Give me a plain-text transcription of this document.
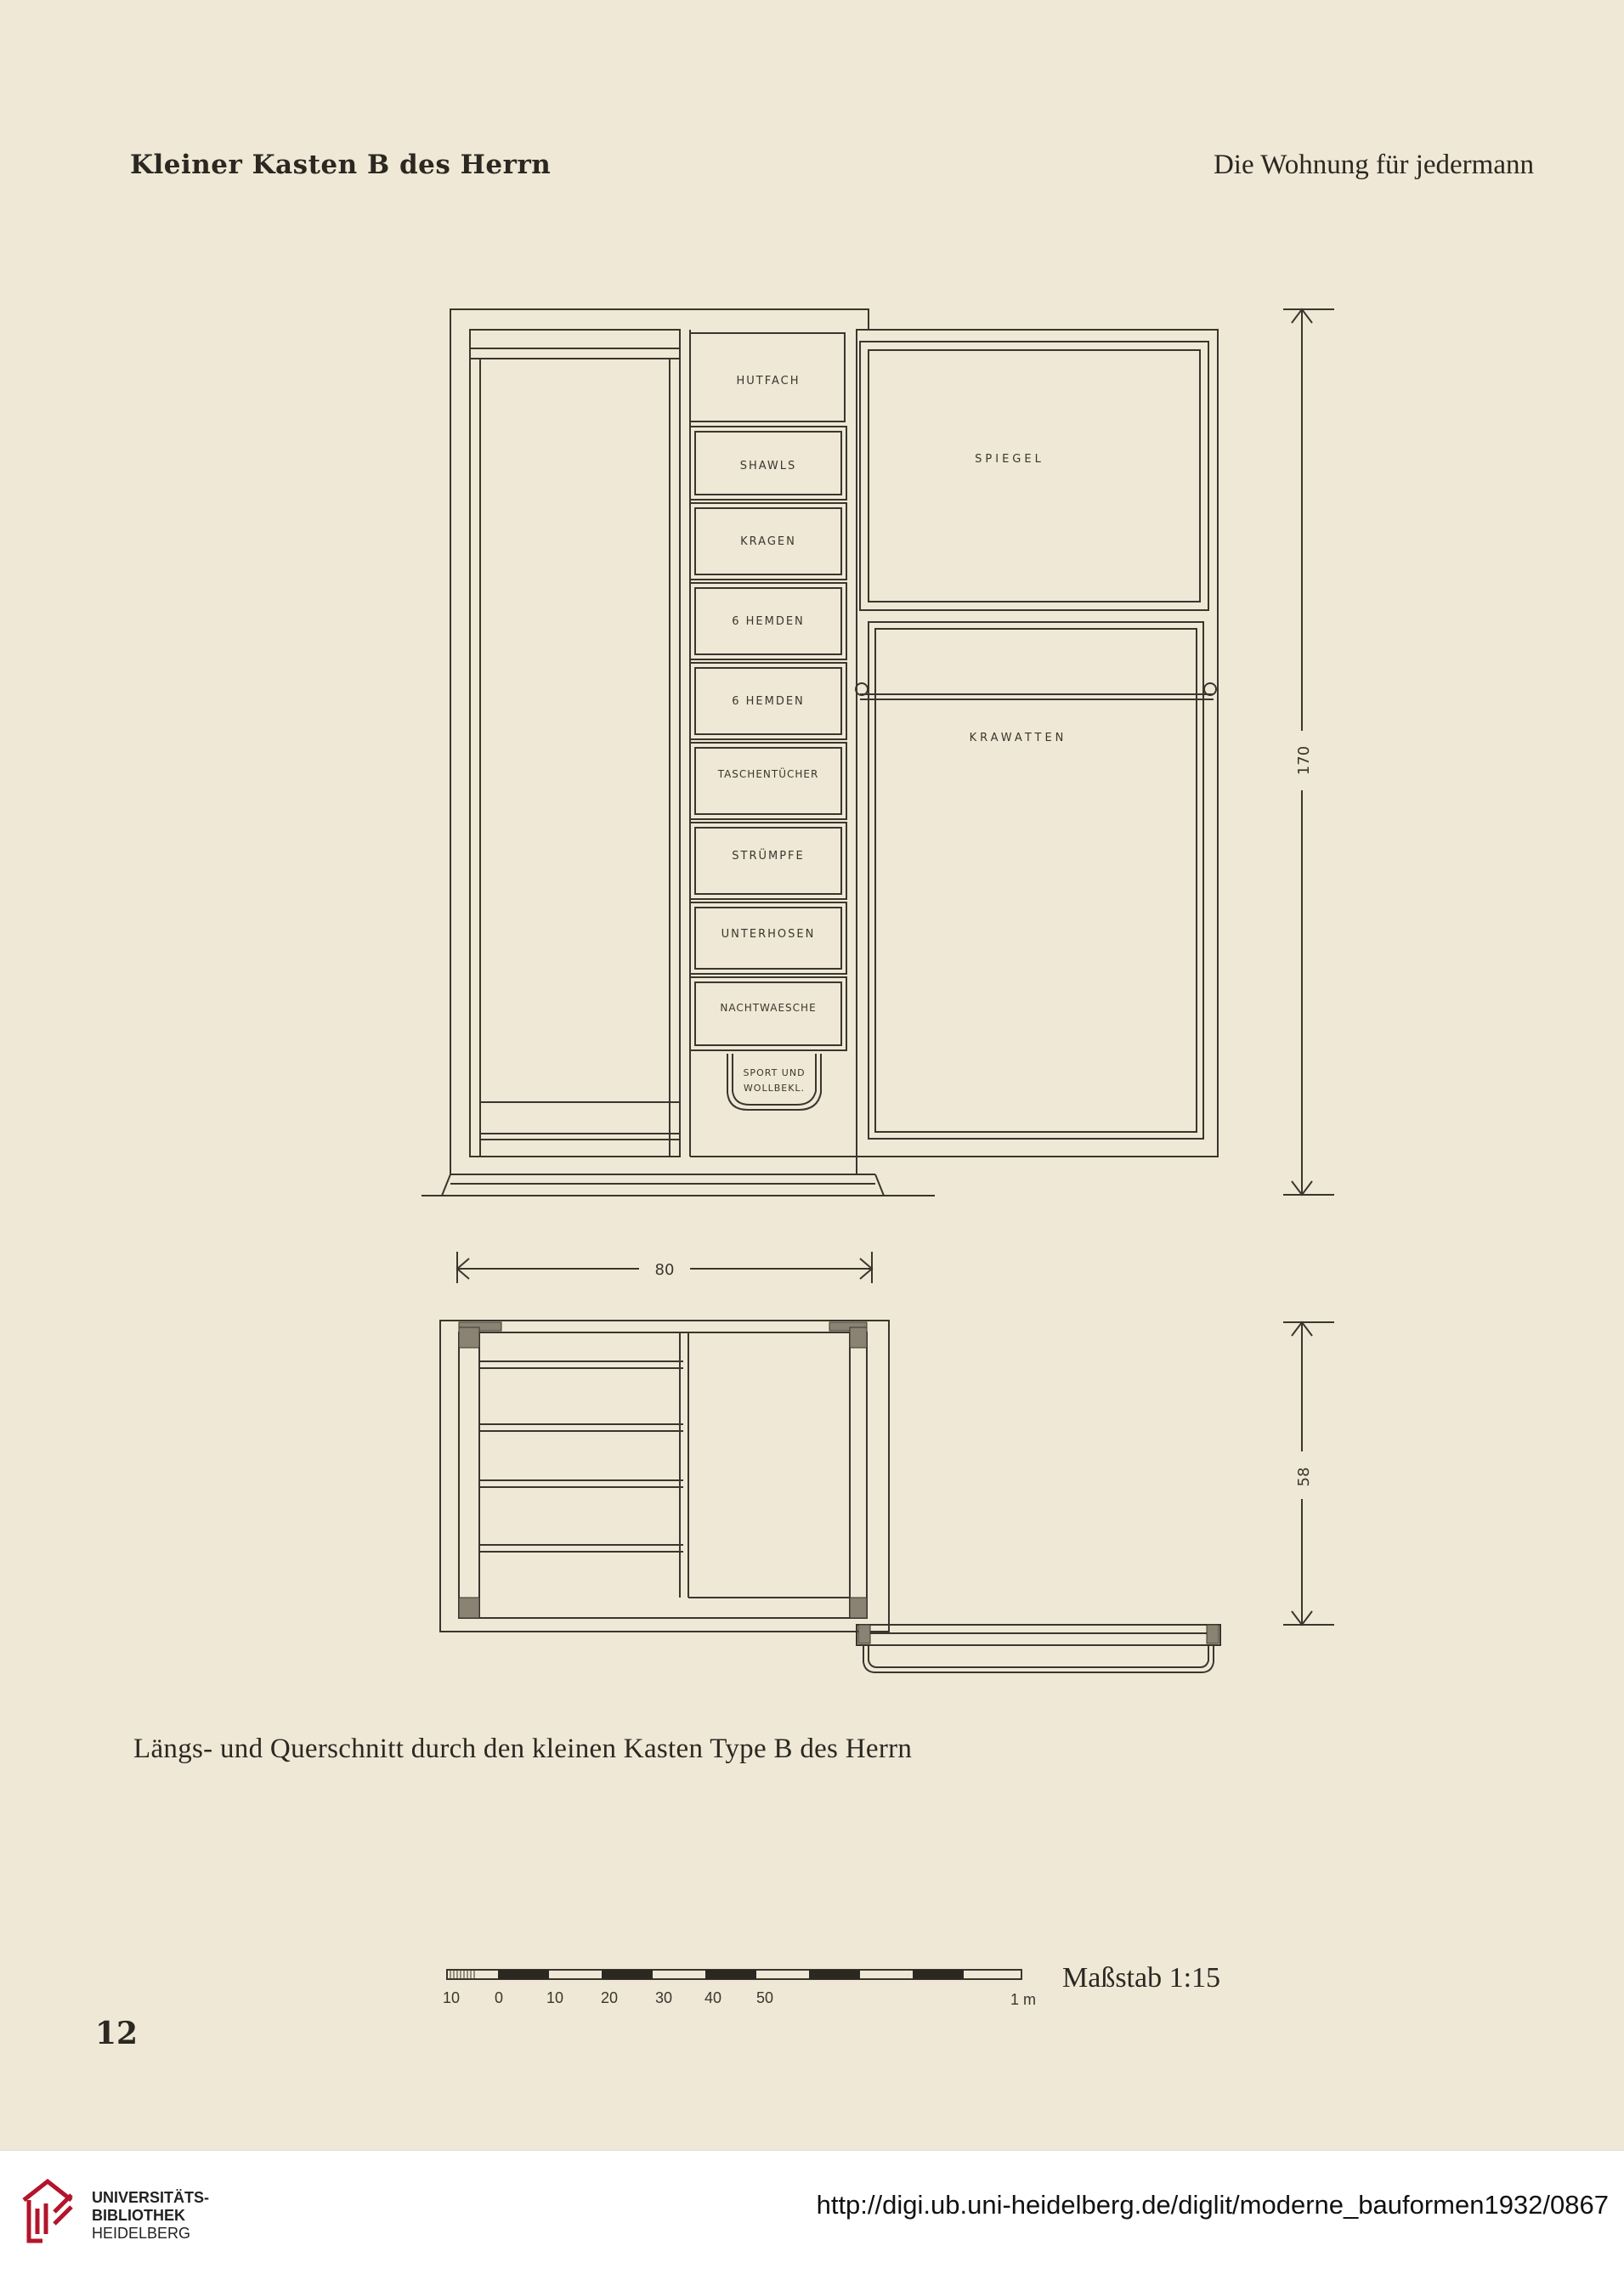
Kleiner Kasten B des Herrn	Die Wohnung für jedermann
HUTFACH
SHAWLS
KRAGEN
6 HEMDEN
6 HEMDEN
TASCHENTÜCHER
STRÜMPFE
UNTERHOSEN
NACHTWAESCHE
SPORT UND
WOLLBEKL.
SPIEGEL
KRAWATTEN
170
80
58
10 0	10 20 30 40 50	1 m
Längs- und Querschnitt durch den kleinen Kasten Type B des Herrn
Maßstab 1:15
12
UNIVERSITÄTS-
BIBLIOTHEK
HEIDELBERG
http://digi.ub.uni-heidelberg.de/diglit/moderne_bauformen1932/0867
